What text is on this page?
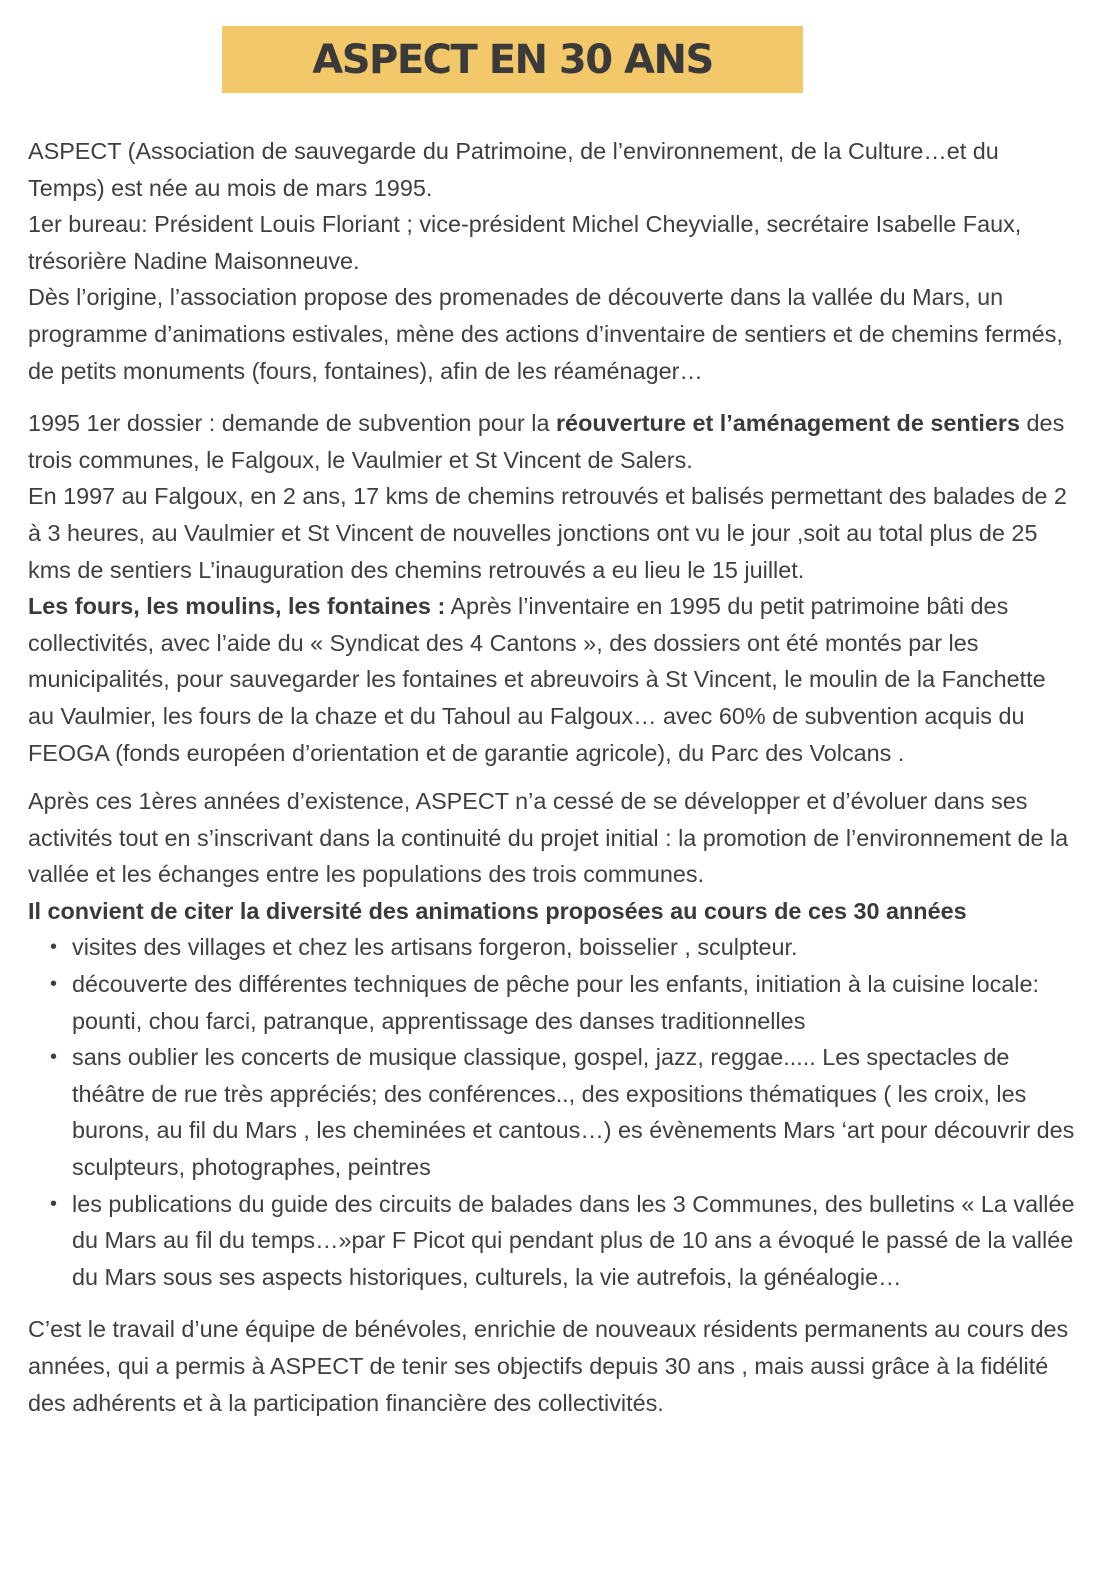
ASPECT EN 30 ANS

ASPECT (Association de sauvegarde du Patrimoine, de l’environnement, de la Culture…et du Temps) est née au mois de mars 1995.

1er bureau: Président Louis Floriant ; vice-président Michel Cheyvialle, secrétaire Isabelle Faux, trésorière Nadine Maisonneuve.

Dès l’origine, l’association propose des promenades de découverte dans la vallée du Mars, un programme d’animations estivales, mène des actions d’inventaire de sentiers et de chemins fermés, de petits monuments (fours, fontaines), afin de les réaménager…

1995 1er dossier : demande de subvention pour la réouverture et l’aménagement de sentiers des trois communes, le Falgoux, le Vaulmier et St Vincent de Salers.

En 1997 au Falgoux, en 2 ans, 17 kms de chemins retrouvés et balisés permettant des balades de 2 à 3 heures, au Vaulmier et St Vincent de nouvelles jonctions ont vu le jour ,soit au total plus de 25 kms de sentiers L’inauguration des chemins retrouvés a eu lieu le 15 juillet.

Les fours, les moulins, les fontaines : Après l’inventaire en 1995 du petit patrimoine bâti des collectivités, avec l’aide du « Syndicat des 4 Cantons », des dossiers ont été montés par les municipalités, pour sauvegarder les fontaines et abreuvoirs à St Vincent, le moulin de la Fanchette au Vaulmier, les fours de la chaze et du Tahoul au Falgoux… avec 60% de subvention acquis du FEOGA (fonds européen d’orientation et de garantie agricole), du Parc des Volcans .

Après ces 1ères années d’existence, ASPECT n’a cessé de se développer et d’évoluer dans ses activités tout en s’inscrivant dans la continuité du projet initial : la promotion de l’environnement de la vallée et les échanges entre les populations des trois communes.

Il convient de citer la diversité des animations proposées au cours de ces 30 années

• visites des villages et chez les artisans forgeron, boisselier , sculpteur.
• découverte des différentes techniques de pêche pour les enfants, initiation à la cuisine locale: pounti, chou farci, patranque, apprentissage des danses traditionnelles
• sans oublier les concerts de musique classique, gospel, jazz, reggae..... Les spectacles de théâtre de rue très appréciés; des conférences.., des expositions thématiques ( les croix, les burons, au fil du Mars , les cheminées et cantous…) es évènements Mars ‘art pour découvrir des sculpteurs, photographes, peintres
• les publications du guide des circuits de balades dans les 3 Communes, des bulletins « La vallée du Mars au fil du temps…»par F Picot qui pendant plus de 10 ans a évoqué le passé de la vallée du Mars sous ses aspects historiques, culturels, la vie autrefois, la généalogie…

C’est le travail d’une équipe de bénévoles, enrichie de nouveaux résidents permanents au cours des années, qui a permis à ASPECT de tenir ses objectifs depuis 30 ans , mais aussi grâce à la fidélité des adhérents et à la participation financière des collectivités.
